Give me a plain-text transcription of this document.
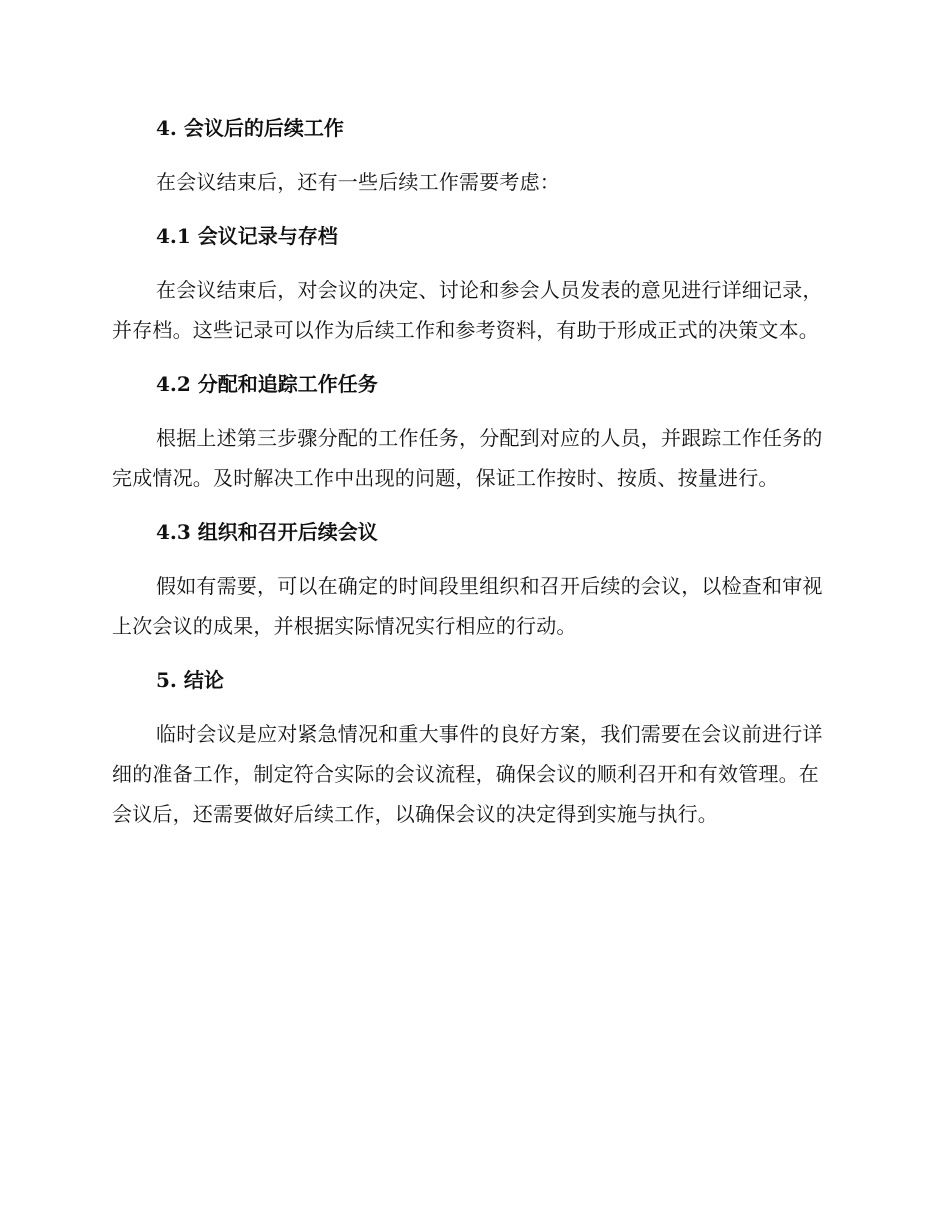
4. 会议后的后续工作

在会议结束后，还有一些后续工作需要考虑：

4.1 会议记录与存档

在会议结束后，对会议的决定、讨论和参会人员发表的意见进行详细记录，并存档。这些记录可以作为后续工作和参考资料，有助于形成正式的决策文本。

4.2 分配和追踪工作任务

根据上述第三步骤分配的工作任务，分配到对应的人员，并跟踪工作任务的完成情况。及时解决工作中出现的问题，保证工作按时、按质、按量进行。

4.3 组织和召开后续会议

假如有需要，可以在确定的时间段里组织和召开后续的会议，以检查和审视上次会议的成果，并根据实际情况实行相应的行动。

5. 结论

临时会议是应对紧急情况和重大事件的良好方案，我们需要在会议前进行详细的准备工作，制定符合实际的会议流程，确保会议的顺利召开和有效管理。在会议后，还需要做好后续工作，以确保会议的决定得到实施与执行。
